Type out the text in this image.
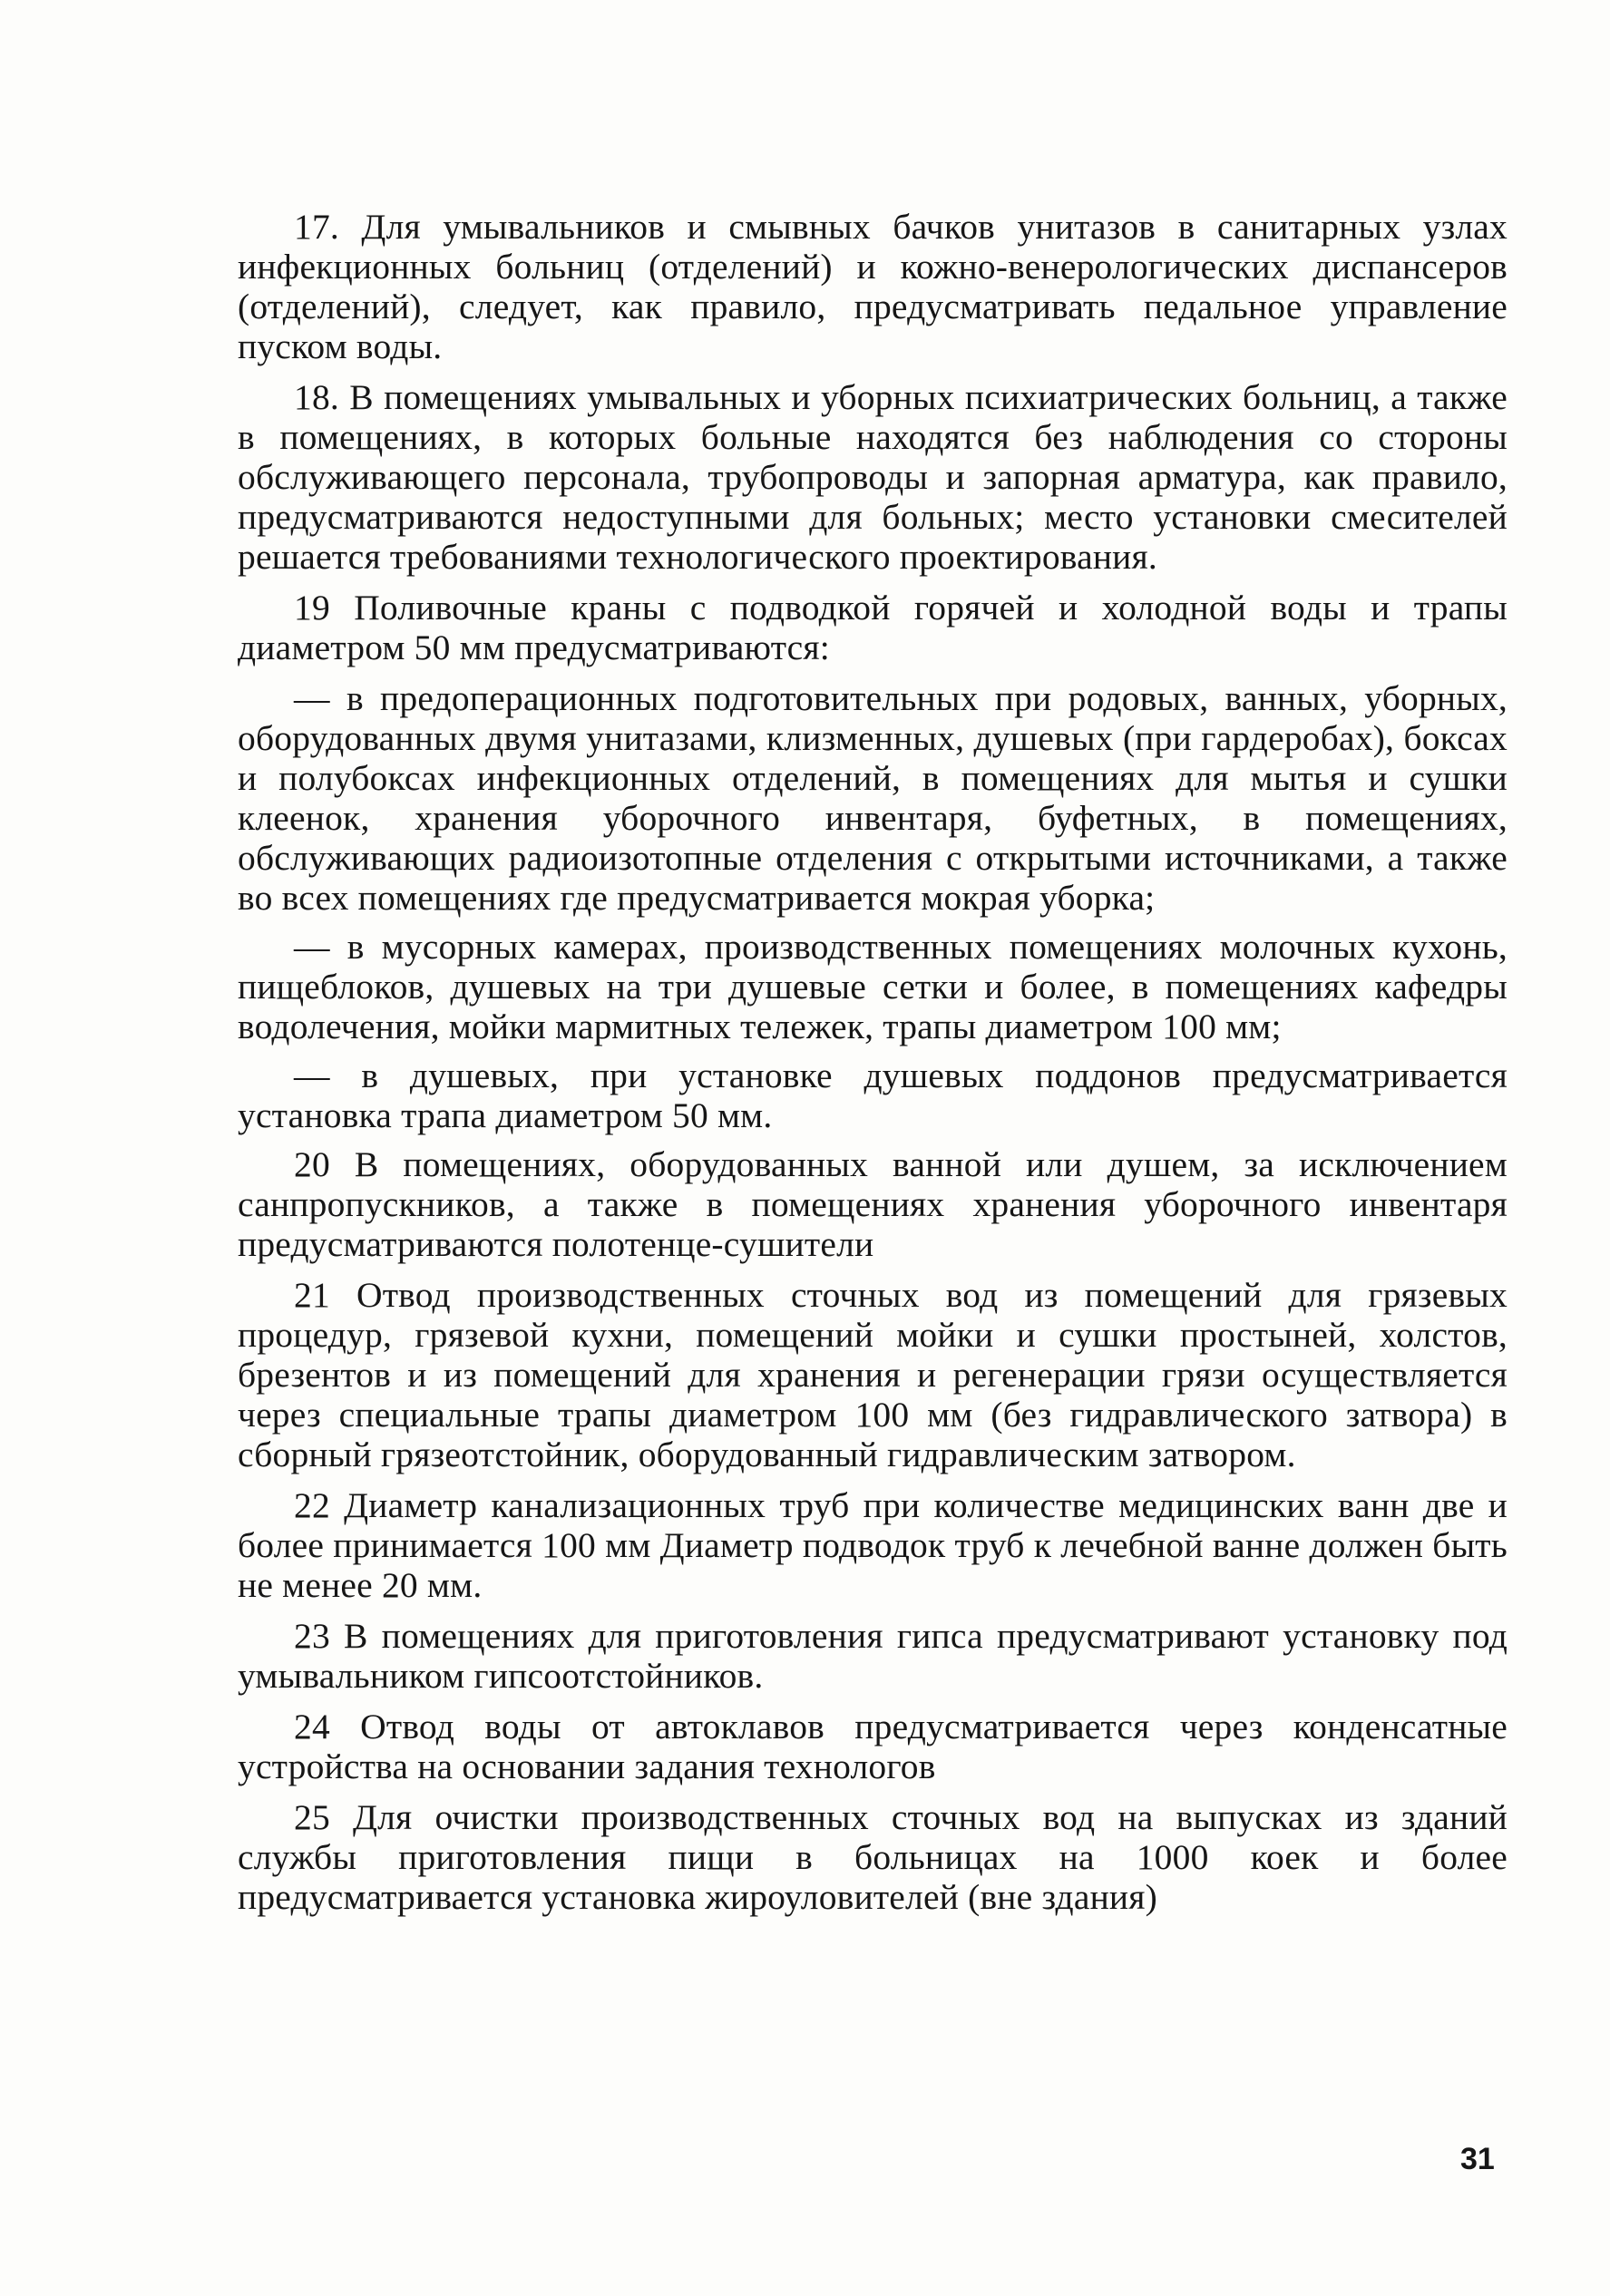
17. Для умывальников и смывных бачков унитазов в санитарных узлах инфекционных больниц (отделений) и кожно-венерологических диспансеров (отделений), следует, как правило, предусматривать педальное управление пуском воды.

18. В помещениях умывальных и уборных психиатрических больниц, а также в помещениях, в которых больные находятся без наблюдения со стороны обслуживающего персонала, трубопроводы и запорная арматура, как правило, предусматриваются недоступными для больных; место установки смесителей решается требованиями технологического проектирования.

19 Поливочные краны с подводкой горячей и холодной воды и трапы диаметром 50 мм предусматриваются:

— в предоперационных подготовительных при родовых, ванных, уборных, оборудованных двумя унитазами, клизменных, душевых (при гардеробах), боксах и полубоксах инфекционных отделений, в помещениях для мытья и сушки клеенок, хранения уборочного инвентаря, буфетных, в помещениях, обслуживающих радиоизотопные отделения с открытыми источниками, а также во всех помещениях где предусматривается мокрая уборка;

— в мусорных камерах, производственных помещениях молочных кухонь, пищеблоков, душевых на три душевые сетки и более, в помещениях кафедры водолечения, мойки мармитных тележек, трапы диаметром 100 мм;

— в душевых, при установке душевых поддонов предусматривается установка трапа диаметром 50 мм.

20 В помещениях, оборудованных ванной или душем, за исключением санпропускников, а также в помещениях хранения уборочного инвентаря предусматриваются полотенце-сушители

21 Отвод производственных сточных вод из помещений для грязевых процедур, грязевой кухни, помещений мойки и сушки простыней, холстов, брезентов и из помещений для хранения и регенерации грязи осуществляется через специальные трапы диаметром 100 мм (без гидравлического затвора) в сборный грязеотстойник, оборудованный гидравлическим затвором.

22 Диаметр канализационных труб при количестве медицинских ванн две и более принимается 100 мм Диаметр подводок труб к лечебной ванне должен быть не менее 20 мм.

23 В помещениях для приготовления гипса предусматривают установку под умывальником гипсоотстойников.

24 Отвод воды от автоклавов предусматривается через конденсатные устройства на основании задания технологов

25 Для очистки производственных сточных вод на выпусках из зданий службы приготовления пищи в больницах на 1000 коек и более предусматривается установка жироуловителей (вне здания)

31
